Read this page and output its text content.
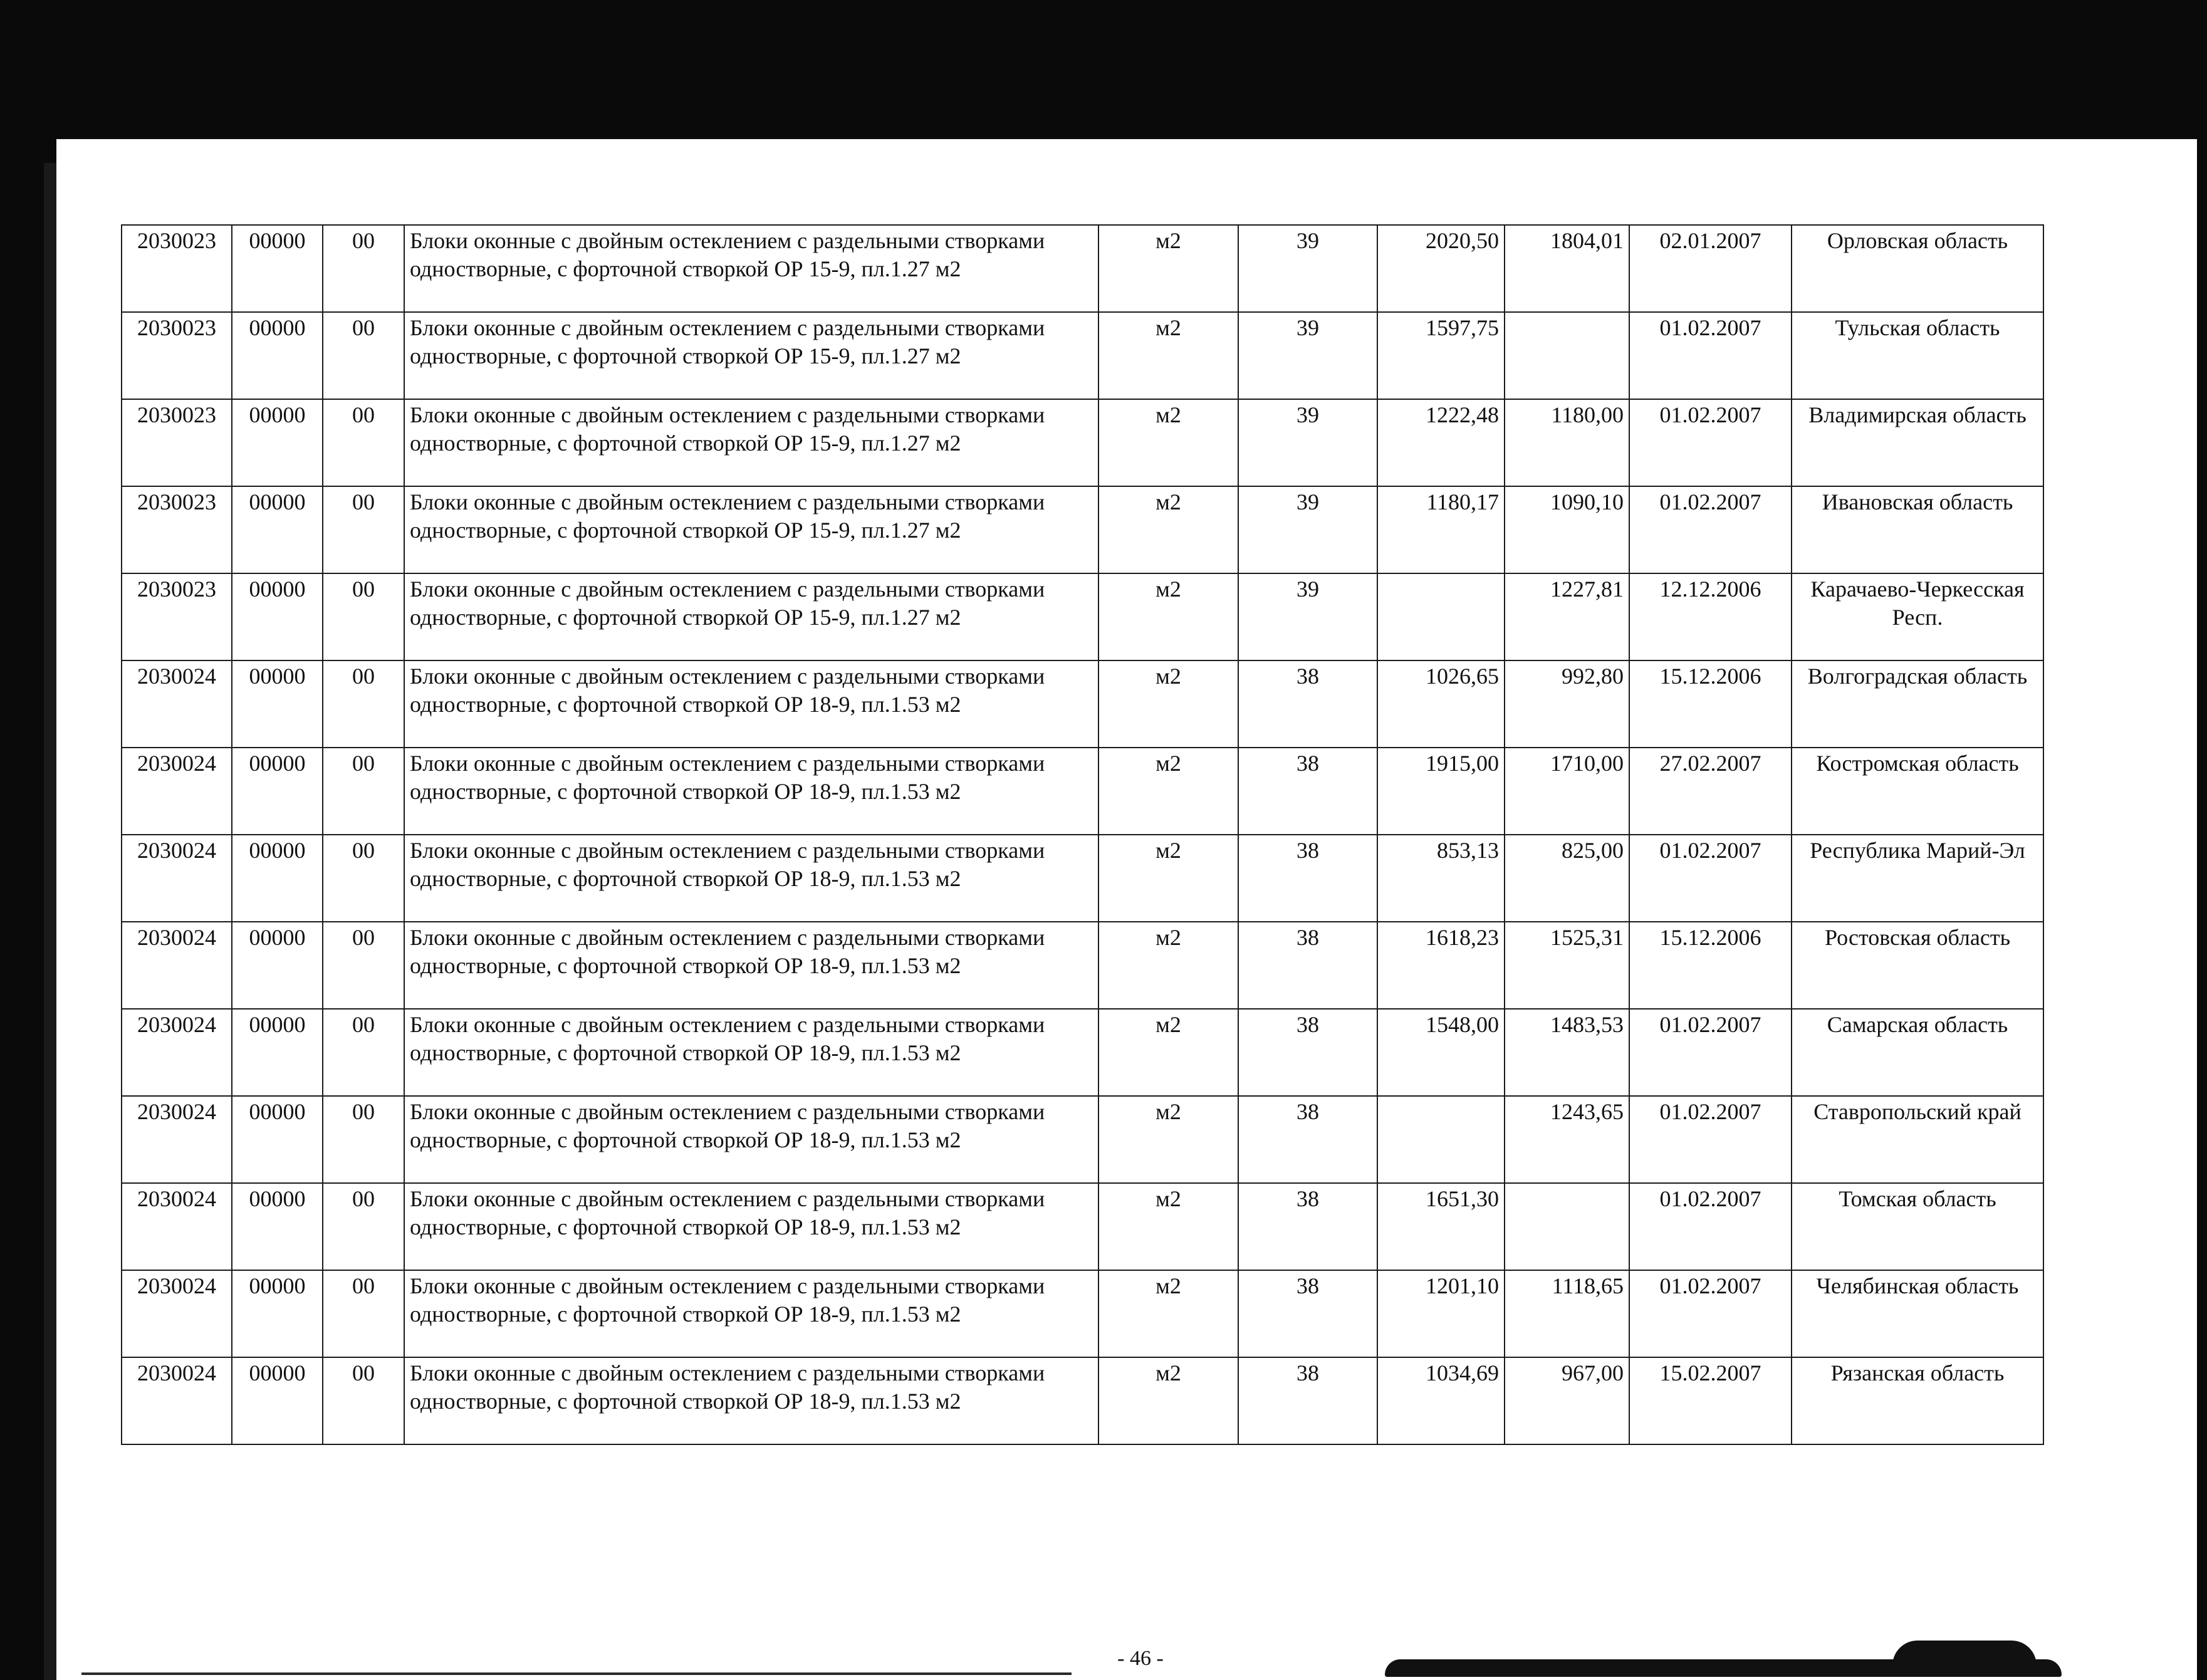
2030023	00000	00	Блоки оконные с двойным остеклением с раздельными створками одностворные, с форточной створкой ОР 15-9, пл.1.27 м2	м2	39	2020,50	1804,01	02.01.2007	Орловская область
2030023	00000	00	Блоки оконные с двойным остеклением с раздельными створками одностворные, с форточной створкой ОР 15-9, пл.1.27 м2	м2	39	1597,75		01.02.2007	Тульская область
2030023	00000	00	Блоки оконные с двойным остеклением с раздельными створками одностворные, с форточной створкой ОР 15-9, пл.1.27 м2	м2	39	1222,48	1180,00	01.02.2007	Владимирская область
2030023	00000	00	Блоки оконные с двойным остеклением с раздельными створками одностворные, с форточной створкой ОР 15-9, пл.1.27 м2	м2	39	1180,17	1090,10	01.02.2007	Ивановская область
2030023	00000	00	Блоки оконные с двойным остеклением с раздельными створками одностворные, с форточной створкой ОР 15-9, пл.1.27 м2	м2	39		1227,81	12.12.2006	Карачаево-Черкесская Респ.
2030024	00000	00	Блоки оконные с двойным остеклением с раздельными створками одностворные, с форточной створкой ОР 18-9, пл.1.53 м2	м2	38	1026,65	992,80	15.12.2006	Волгоградская область
2030024	00000	00	Блоки оконные с двойным остеклением с раздельными створками одностворные, с форточной створкой ОР 18-9, пл.1.53 м2	м2	38	1915,00	1710,00	27.02.2007	Костромская область
2030024	00000	00	Блоки оконные с двойным остеклением с раздельными створками одностворные, с форточной створкой ОР 18-9, пл.1.53 м2	м2	38	853,13	825,00	01.02.2007	Республика Марий-Эл
2030024	00000	00	Блоки оконные с двойным остеклением с раздельными створками одностворные, с форточной створкой ОР 18-9, пл.1.53 м2	м2	38	1618,23	1525,31	15.12.2006	Ростовская область
2030024	00000	00	Блоки оконные с двойным остеклением с раздельными створками одностворные, с форточной створкой ОР 18-9, пл.1.53 м2	м2	38	1548,00	1483,53	01.02.2007	Самарская область
2030024	00000	00	Блоки оконные с двойным остеклением с раздельными створками одностворные, с форточной створкой ОР 18-9, пл.1.53 м2	м2	38		1243,65	01.02.2007	Ставропольский край
2030024	00000	00	Блоки оконные с двойным остеклением с раздельными створками одностворные, с форточной створкой ОР 18-9, пл.1.53 м2	м2	38	1651,30		01.02.2007	Томская область
2030024	00000	00	Блоки оконные с двойным остеклением с раздельными створками одностворные, с форточной створкой ОР 18-9, пл.1.53 м2	м2	38	1201,10	1118,65	01.02.2007	Челябинская область
2030024	00000	00	Блоки оконные с двойным остеклением с раздельными створками одностворные, с форточной створкой ОР 18-9, пл.1.53 м2	м2	38	1034,69	967,00	15.02.2007	Рязанская область
- 46 -
